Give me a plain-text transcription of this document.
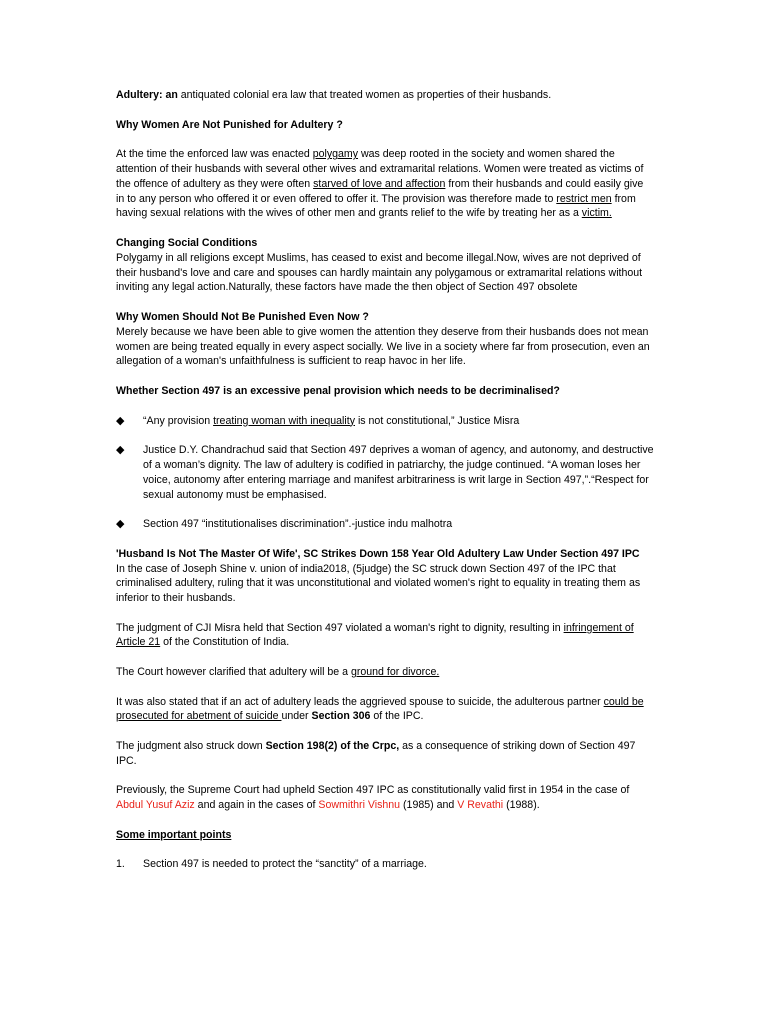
Adultery: an antiquated colonial era law that treated women as properties of their husbands.

Why Women Are Not Punished for Adultery ?

At the time the enforced law was enacted polygamy was deep rooted in the society and women shared the attention of their husbands with several other wives and extramarital relations. Women were treated as victims of the offence of adultery as they were often starved of love and affection from their husbands and could easily give in to any person who offered it or even offered to offer it. The provision was therefore made to restrict men from having sexual relations with the wives of other men and grants relief to the wife by treating her as a victim.

Changing Social Conditions

Polygamy in all religions except Muslims, has ceased to exist and become illegal.Now, wives are not deprived of their husband's love and care and spouses can hardly maintain any polygamous or extramarital relations without inviting any legal action.Naturally, these factors have made the then object of Section 497 obsolete

Why Women Should Not Be Punished Even Now ?

Merely because we have been able to give women the attention they deserve from their husbands does not mean women are being treated equally in every aspect socially. We live in a society where far from prosecution, even an allegation of a woman's unfaithfulness is sufficient to reap havoc in her life.

Whether Section 497 is an excessive penal provision which needs to be decriminalised?

◆ “Any provision treating woman with inequality is not constitutional,” Justice Misra

◆ Justice D.Y. Chandrachud said that Section 497 deprives a woman of agency, and autonomy, and destructive of a woman’s dignity. The law of adultery is codified in patriarchy, the judge continued. “A woman loses her voice, autonomy after entering marriage and manifest arbitrariness is writ large in Section 497,”.“Respect for sexual autonomy must be emphasised.

◆ Section 497 “institutionalises discrimination”.-justice indu malhotra

'Husband Is Not The Master Of Wife', SC Strikes Down 158 Year Old Adultery Law Under Section 497 IPC

In the case of Joseph Shine v. union of india2018, (5judge) the SC struck down Section 497 of the IPC that criminalised adultery, ruling that it was unconstitutional and violated women's right to equality in treating them as inferior to their husbands.

The judgment of CJI Misra held that Section 497 violated a woman's right to dignity, resulting in infringement of Article 21 of the Constitution of India.

The Court however clarified that adultery will be a ground for divorce.

It was also stated that if an act of adultery leads the aggrieved spouse to suicide, the adulterous partner could be prosecuted for abetment of suicide under Section 306 of the IPC.

The judgment also struck down Section 198(2) of the Crpc, as a consequence of striking down of Section 497 IPC.

Previously, the Supreme Court had upheld Section 497 IPC as constitutionally valid first in 1954 in the case of Abdul Yusuf Aziz and again in the cases of Sowmithri Vishnu (1985) and V Revathi (1988).

Some important points

1. Section 497 is needed to protect the “sanctity” of a marriage.
